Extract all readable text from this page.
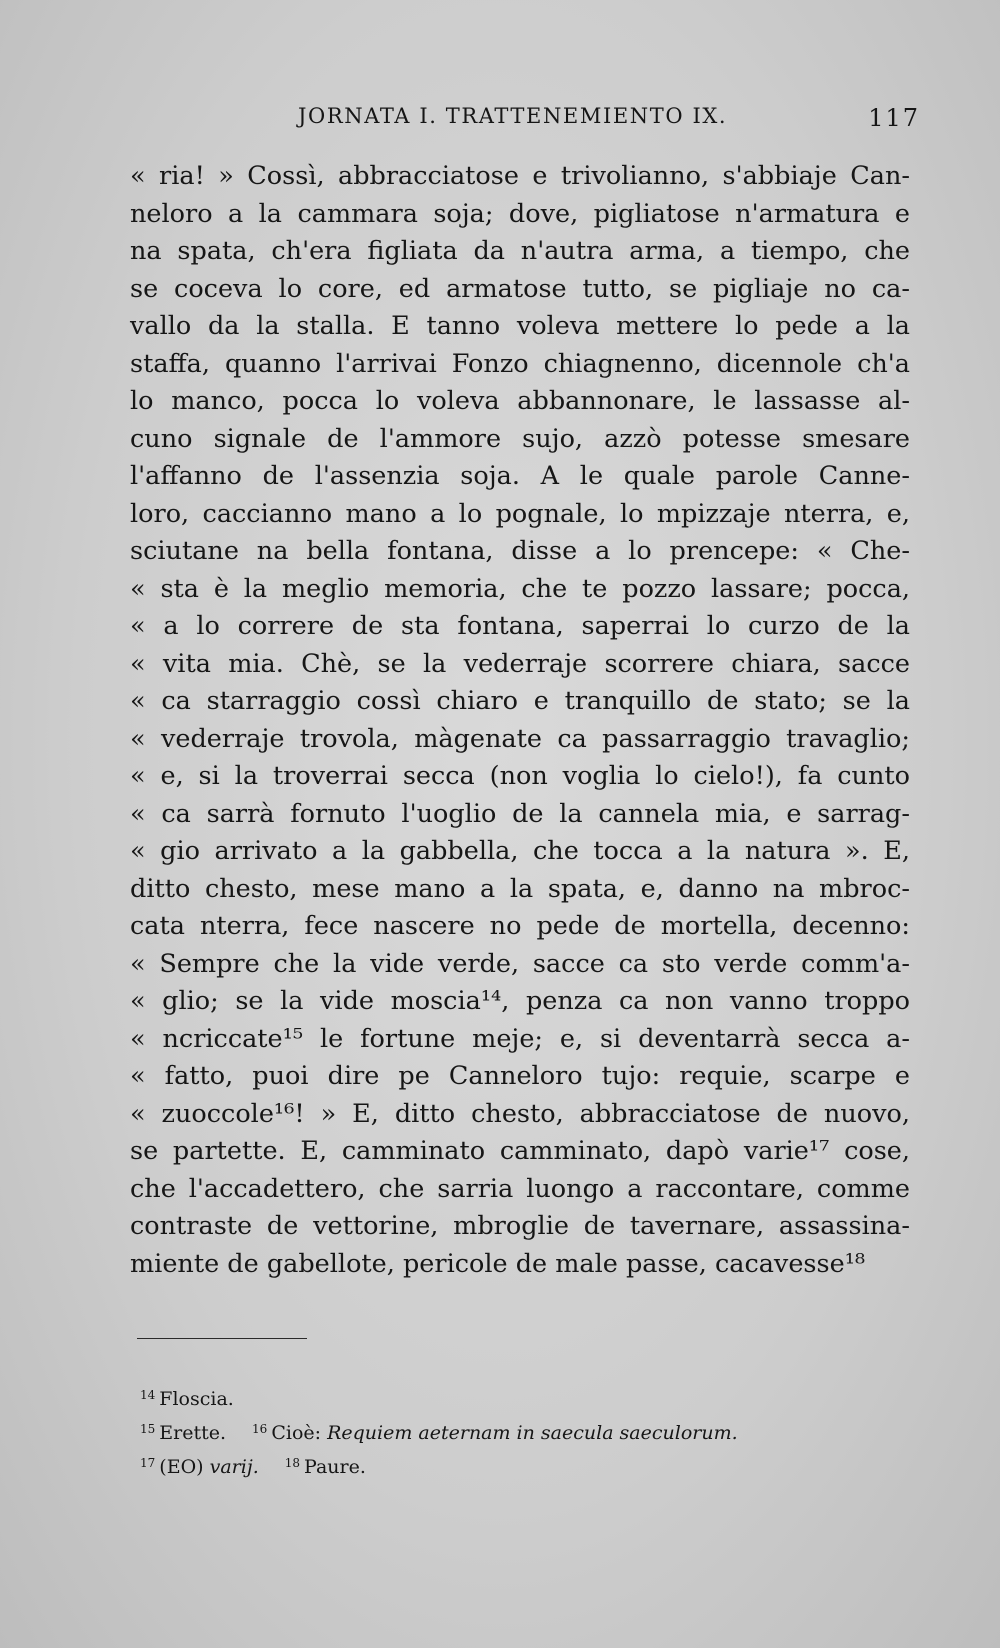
JORNATA I. TRATTENEMIENTO IX.	117
« ria! » Cossì, abbracciatose e trivolianno, s'abbiaje Can-
neloro a la cammara soja; dove, pigliatose n'armatura e
na spata, ch'era figliata da n'autra arma, a tiempo, che
se coceva lo core, ed armatose tutto, se pigliaje no ca-
vallo da la stalla. E tanno voleva mettere lo pede a la
staffa, quanno l'arrivai Fonzo chiagnenno, dicennole ch'a
lo manco, pocca lo voleva abbannonare, le lassasse al-
cuno signale de l'ammore sujo, azzò potesse smesare
l'affanno de l'assenzia soja. A le quale parole Canne-
loro, caccianno mano a lo pognale, lo mpizzaje nterra, e,
sciutane na bella fontana, disse a lo prencepe: « Che-
« sta è la meglio memoria, che te pozzo lassare; pocca,
« a lo correre de sta fontana, saperrai lo curzo de la
« vita mia. Chè, se la vederraje scorrere chiara, sacce
« ca starraggio cossì chiaro e tranquillo de stato; se la
« vederraje trovola, màgenate ca passarraggio travaglio;
« e, si la troverrai secca (non voglia lo cielo!), fa cunto
« ca sarrà fornuto l'uoglio de la cannela mia, e sarrag-
« gio arrivato a la gabbella, che tocca a la natura ». E,
ditto chesto, mese mano a la spata, e, danno na mbroc-
cata nterra, fece nascere no pede de mortella, decenno:
« Sempre che la vide verde, sacce ca sto verde comm'a-
« glio; se la vide moscia¹⁴, penza ca non vanno troppo
« ncriccate¹⁵ le fortune meje; e, si deventarrà secca a-
« fatto, puoi dire pe Canneloro tujo: requie, scarpe e
« zuoccole¹⁶! » E, ditto chesto, abbracciatose de nuovo,
se partette. E, camminato camminato, dapò varie¹⁷ cose,
che l'accadettero, che sarria luongo a raccontare, comme
contraste de vettorine, mbroglie de tavernare, assassina-
miente de gabellote, pericole de male passe, cacavesse¹⁸
$^{14}$ Floscia.
$^{15}$ Erette. $^{16}$ Cioè: Requiem aeternam in saecula saeculorum.
$^{17}$ (EO) varij. $^{18}$ Paure.
